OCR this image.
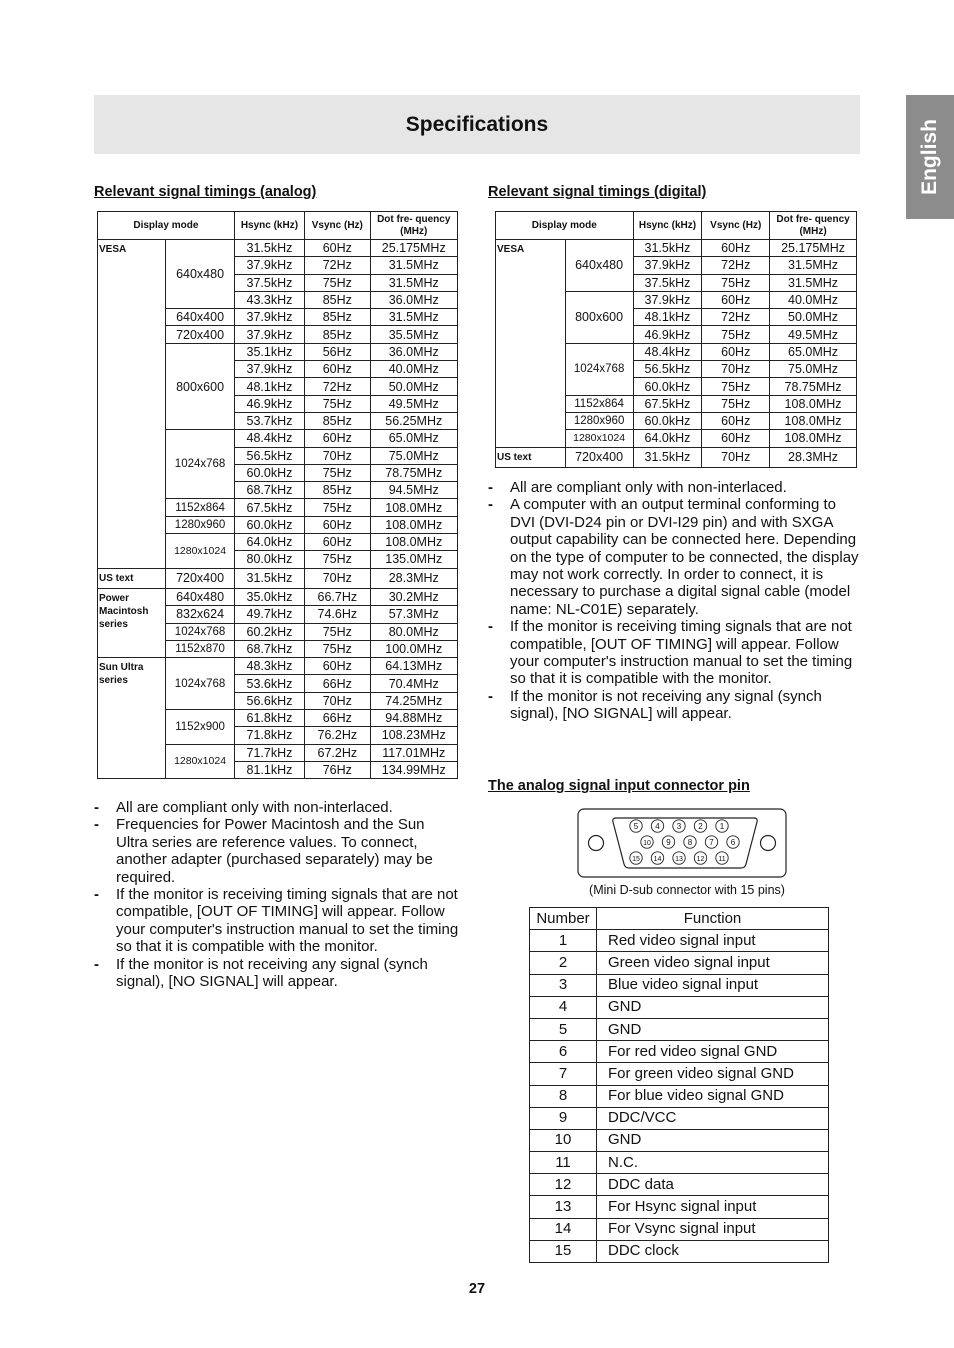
Specifications	English
Relevant signal timings (analog)
Display mode		Hsync (kHz)	Vsync (Hz)	Dot fre- quency (MHz)
VESA	640x480	31.5kHz	60Hz	25.175MHz
		37.9kHz	72Hz	31.5MHz
		37.5kHz	75Hz	31.5MHz
		43.3kHz	85Hz	36.0MHz
	640x400	37.9kHz	85Hz	31.5MHz
	720x400	37.9kHz	85Hz	35.5MHz
	800x600	35.1kHz	56Hz	36.0MHz
		37.9kHz	60Hz	40.0MHz
		48.1kHz	72Hz	50.0MHz
		46.9kHz	75Hz	49.5MHz
		53.7kHz	85Hz	56.25MHz
	1024x768	48.4kHz	60Hz	65.0MHz
		56.5kHz	70Hz	75.0MHz
		60.0kHz	75Hz	78.75MHz
		68.7kHz	85Hz	94.5MHz
	1152x864	67.5kHz	75Hz	108.0MHz
	1280x960	60.0kHz	60Hz	108.0MHz
	1280x1024	64.0kHz	60Hz	108.0MHz
		80.0kHz	75Hz	135.0MHz
US text	720x400	31.5kHz	70Hz	28.3MHz
Power Macintosh series	640x480	35.0kHz	66.7Hz	30.2MHz
	832x624	49.7kHz	74.6Hz	57.3MHz
	1024x768	60.2kHz	75Hz	80.0MHz
	1152x870	68.7kHz	75Hz	100.0MHz
Sun Ultra series	1024x768	48.3kHz	60Hz	64.13MHz
		53.6kHz	66Hz	70.4MHz
		56.6kHz	70Hz	74.25MHz
	1152x900	61.8kHz	66Hz	94.88MHz
		71.8kHz	76.2Hz	108.23MHz
	1280x1024	71.7kHz	67.2Hz	117.01MHz
		81.1kHz	76Hz	134.99MHz
- All are compliant only with non-interlaced.
- Frequencies for Power Macintosh and the Sun Ultra series are reference values. To connect, another adapter (purchased separately) may be required.
- If the monitor is receiving timing signals that are not compatible, [OUT OF TIMING] will appear. Follow your computer's instruction manual to set the timing so that it is compatible with the monitor.
- If the monitor is not receiving any signal (synch signal), [NO SIGNAL] will appear.
Relevant signal timings (digital)
Display mode		Hsync (kHz)	Vsync (Hz)	Dot fre- quency (MHz)
VESA	640x480	31.5kHz	60Hz	25.175MHz
		37.9kHz	72Hz	31.5MHz
		37.5kHz	75Hz	31.5MHz
	800x600	37.9kHz	60Hz	40.0MHz
		48.1kHz	72Hz	50.0MHz
		46.9kHz	75Hz	49.5MHz
	1024x768	48.4kHz	60Hz	65.0MHz
		56.5kHz	70Hz	75.0MHz
		60.0kHz	75Hz	78.75MHz
	1152x864	67.5kHz	75Hz	108.0MHz
	1280x960	60.0kHz	60Hz	108.0MHz
	1280x1024	64.0kHz	60Hz	108.0MHz
US text	720x400	31.5kHz	70Hz	28.3MHz
- All are compliant only with non-interlaced.
- A computer with an output terminal conforming to DVI (DVI-D24 pin or DVI-I29 pin) and with SXGA output capability can be connected here. Depending on the type of computer to be connected, the display may not work correctly. In order to connect, it is necessary to purchase a digital signal cable (model name: NL-C01E) separately.
- If the monitor is receiving timing signals that are not compatible, [OUT OF TIMING] will appear. Follow your computer's instruction manual to set the timing so that it is compatible with the monitor.
- If the monitor is not receiving any signal (synch signal), [NO SIGNAL] will appear.
The analog signal input connector pin
5 4 3 2 1
10 9 8 7 6
15 14 13 12 11
(Mini D-sub connector with 15 pins)
Number	Function
1	Red video signal input
2	Green video signal input
3	Blue video signal input
4	GND
5	GND
6	For red video signal GND
7	For green video signal GND
8	For blue video signal GND
9	DDC/VCC
10	GND
11	N.C.
12	DDC data
13	For Hsync signal input
14	For Vsync signal input
15	DDC clock
27
